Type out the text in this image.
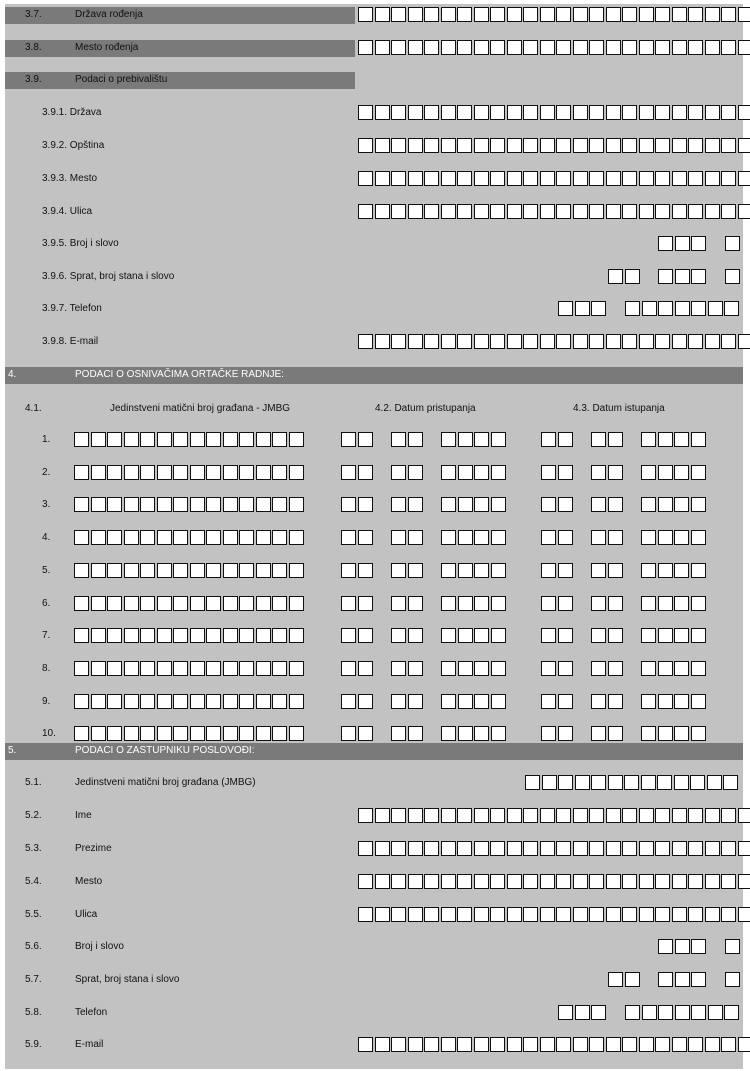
3.7.	Država rođenja
3.8.	Mesto rođenja
3.9.	Podaci o prebivalištu
3.9.1. Država
3.9.2. Opština
3.9.3. Mesto
3.9.4. Ulica
3.9.5. Broj i slovo
3.9.6. Sprat, broj stana i slovo
3.9.7. Telefon
3.9.8. E-mail
4.	PODACI O OSNIVAČIMA ORTAČKE RADNJE:
4.1.	Jedinstveni matični broj građana - JMBG	4.2. Datum pristupanja	4.3. Datum istupanja
1.
2.
3.
4.
5.
6.
7.
8.
9.
10.
5.	PODACI O ZASTUPNIKU POSLOVOĐI:
5.1.	Jedinstveni matični broj građana (JMBG)
5.2.	Ime
5.3.	Prezime
5.4.	Mesto
5.5.	Ulica
5.6.	Broj i slovo
5.7.	Sprat, broj stana i slovo
5.8.	Telefon
5.9.	E-mail
